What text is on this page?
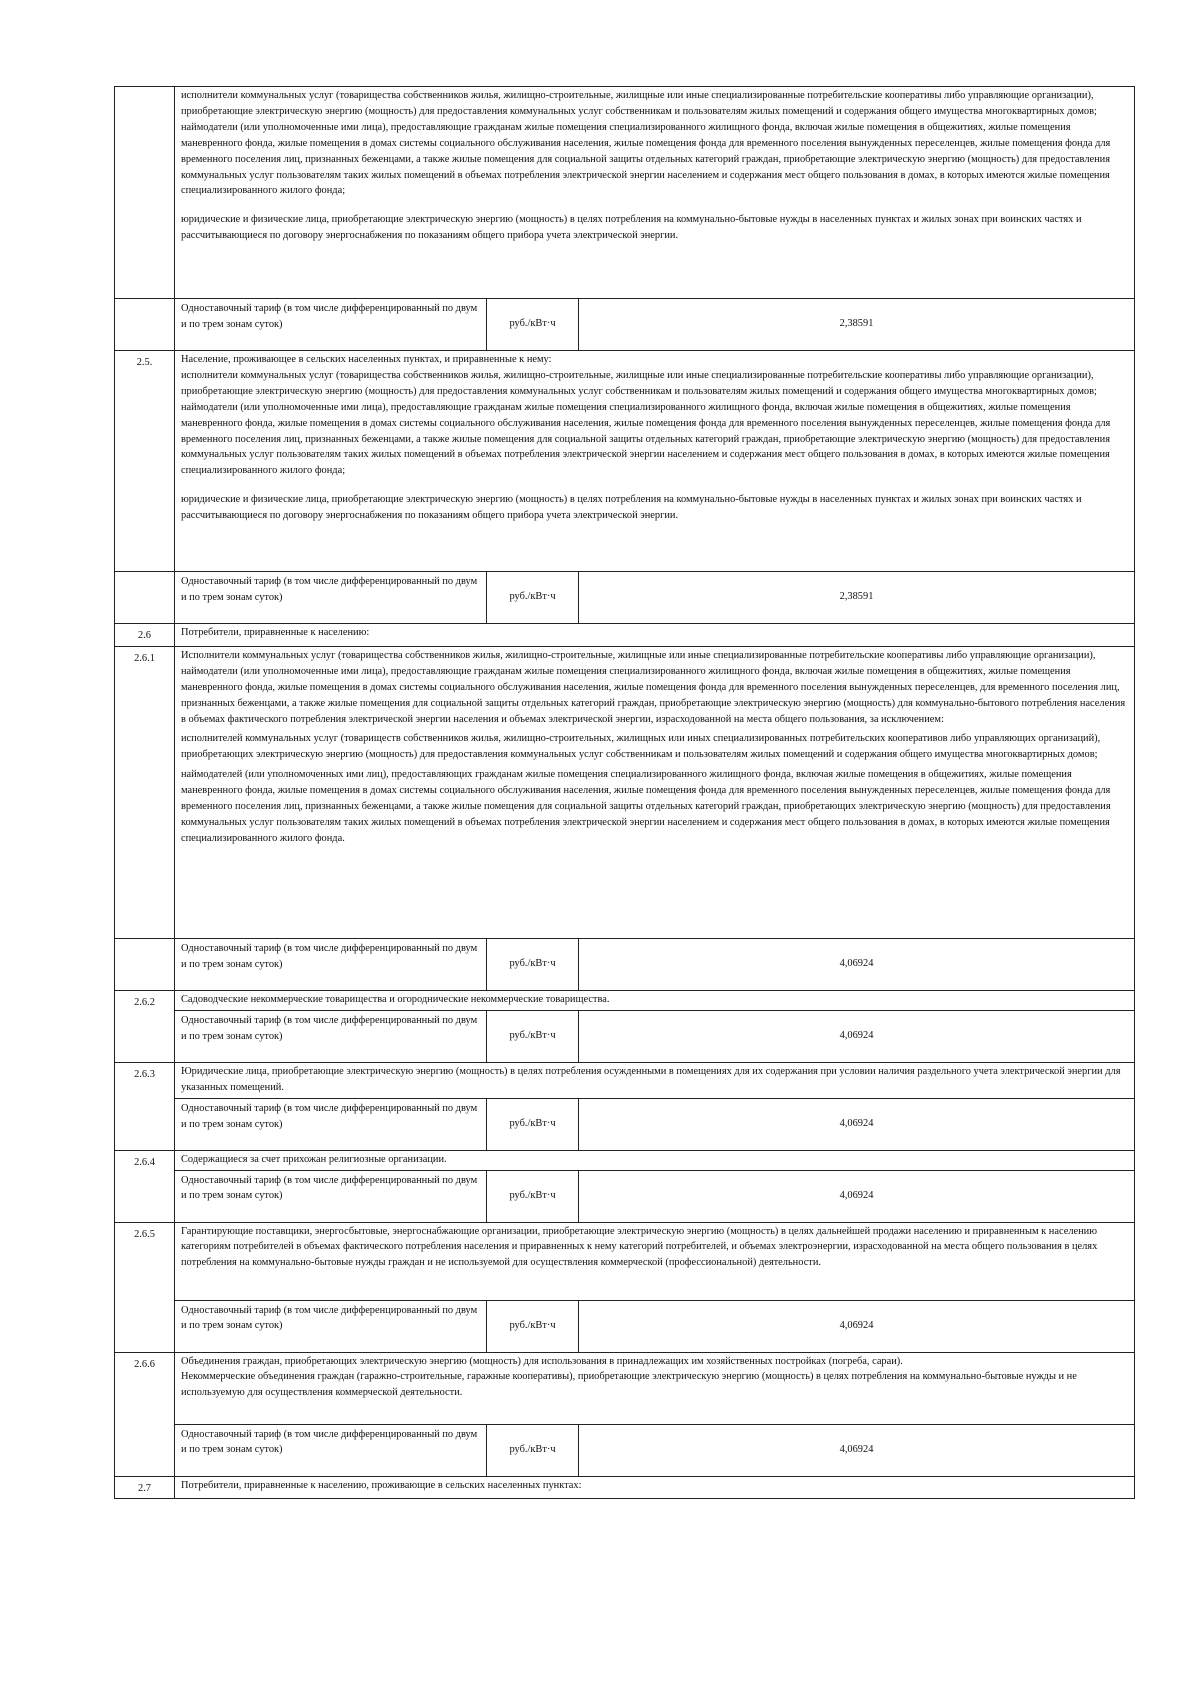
	исполнители коммунальных услуг (товарищества собственников жилья, жилищно-строительные, жилищные или иные специализированные потребительские кооперативы либо управляющие организации), приобретающие электрическую энергию (мощность) для предоставления коммунальных услуг собственникам и пользователям жилых помещений и содержания общего имущества многоквартирных домов;

наймодатели (или уполномоченные ими лица), предоставляющие гражданам жилые помещения специализированного жилищного фонда, включая жилые помещения в общежитиях, жилые помещения маневренного фонда, жилые помещения в домах системы социального обслуживания населения, жилые помещения фонда для временного поселения вынужденных переселенцев, жилые помещения фонда для временного поселения лиц, признанных беженцами, а также жилые помещения для социальной защиты отдельных категорий граждан, приобретающие электрическую энергию (мощность) для предоставления коммунальных услуг пользователям таких жилых помещений в объемах потребления электрической энергии населением и содержания мест общего пользования в домах, в которых имеются жилые помещения специализированного жилого фонда;

юридические и физические лица, приобретающие электрическую энергию (мощность) в целях потребления на коммунально-бытовые нужды в населенных пунктах и жилых зонах при воинских частях и рассчитывающиеся по договору энергоснабжения по показаниям общего прибора учета электрической энергии.		

	Одноставочный тариф (в том числе дифференцированный по двум и по трем зонам суток)	руб./кВт·ч	2,38591
2.5.	Население, проживающее в сельских населенных пунктах, и приравненные к нему:

исполнители коммунальных услуг (товарищества собственников жилья, жилищно-строительные, жилищные или иные специализированные потребительские кооперативы либо управляющие организации), приобретающие электрическую энергию (мощность) для предоставления коммунальных услуг собственникам и пользователям жилых помещений и содержания общего имущества многоквартирных домов;

наймодатели (или уполномоченные ими лица), предоставляющие гражданам жилые помещения специализированного жилищного фонда, включая жилые помещения в общежитиях, жилые помещения маневренного фонда, жилые помещения в домах системы социального обслуживания населения, жилые помещения фонда для временного поселения вынужденных переселенцев, жилые помещения фонда для временного поселения лиц, признанных беженцами, а также жилые помещения для социальной защиты отдельных категорий граждан, приобретающие электрическую энергию (мощность) для предоставления коммунальных услуг пользователям таких жилых помещений в объемах потребления электрической энергии населением и содержания мест общего пользования в домах, в которых имеются жилые помещения специализированного жилого фонда;

юридические и физические лица, приобретающие электрическую энергию (мощность) в целях потребления на коммунально-бытовые нужды в населенных пунктах и жилых зонах при воинских частях и рассчитывающиеся по договору энергоснабжения по показаниям общего прибора учета электрической энергии.		

	Одноставочный тариф (в том числе дифференцированный по двум и по трем зонам суток)	руб./кВт·ч	2,38591
2.6	Потребители, приравненные к населению:		
2.6.1	Исполнители коммунальных услуг (товарищества собственников жилья, жилищно-строительные, жилищные или иные специализированные потребительские кооперативы либо управляющие организации), наймодатели (или уполномоченные ими лица), предоставляющие гражданам жилые помещения специализированного жилищного фонда, включая жилые помещения в общежитиях, жилые помещения маневренного фонда, жилые помещения в домах системы социального обслуживания населения, жилые помещения фонда для временного поселения вынужденных переселенцев, для временного поселения лиц, признанных беженцами, а также жилые помещения для социальной защиты отдельных категорий граждан, приобретающие электрическую энергию (мощность) для коммунально-бытового потребления населения в объемах фактического потребления электрической энергии населения и объемах электрической энергии, израсходованной на места общего пользования, за исключением:

исполнителей коммунальных услуг (товариществ собственников жилья, жилищно-строительных, жилищных или иных специализированных потребительских кооперативов либо управляющих организаций), приобретающих электрическую энергию (мощность) для предоставления коммунальных услуг собственникам и пользователям жилых помещений и содержания общего имущества многоквартирных домов;

наймодателей (или уполномоченных ими лиц), предоставляющих гражданам жилые помещения специализированного жилищного фонда, включая жилые помещения в общежитиях, жилые помещения маневренного фонда, жилые помещения в домах системы социального обслуживания населения, жилые помещения фонда для временного поселения вынужденных переселенцев, жилые помещения фонда для временного поселения лиц, признанных беженцами, а также жилые помещения для социальной защиты отдельных категорий граждан, приобретающих электрическую энергию (мощность) для предоставления коммунальных услуг пользователям таких жилых помещений в объемах потребления электрической энергии населением и содержания мест общего пользования в домах, в которых имеются жилые помещения специализированного жилого фонда.		

	Одноставочный тариф (в том числе дифференцированный по двум и по трем зонам суток)	руб./кВт·ч	4,06924
2.6.2	Садоводческие некоммерческие товарищества и огороднические некоммерческие товарищества.		
	Одноставочный тариф (в том числе дифференцированный по двум и по трем зонам суток)	руб./кВт·ч	4,06924
2.6.3	Юридические лица, приобретающие электрическую энергию (мощность) в целях потребления осужденными в помещениях для их содержания при условии наличия раздельного учета электрической энергии для указанных помещений.		
	Одноставочный тариф (в том числе дифференцированный по двум и по трем зонам суток)	руб./кВт·ч	4,06924
2.6.4	Содержащиеся за счет прихожан религиозные организации.		
	Одноставочный тариф (в том числе дифференцированный по двум и по трем зонам суток)	руб./кВт·ч	4,06924
2.6.5	Гарантирующие поставщики, энергосбытовые, энергоснабжающие организации, приобретающие электрическую энергию (мощность) в целях дальнейшей продажи населению и приравненным к населению категориям потребителей в объемах фактического потребления населения и приравненных к нему категорий потребителей, и объемах электроэнергии, израсходованной на места общего пользования в целях потребления на коммунально-бытовые нужды граждан и не используемой для осуществления коммерческой (профессиональной) деятельности.		
	Одноставочный тариф (в том числе дифференцированный по двум и по трем зонам суток)	руб./кВт·ч	4,06924
2.6.6	Объединения граждан, приобретающих электрическую энергию (мощность) для использования в принадлежащих им хозяйственных постройках (погреба, сараи).

Некоммерческие объединения граждан (гаражно-строительные, гаражные кооперативы), приобретающие электрическую энергию (мощность) в целях потребления на коммунально-бытовые нужды и не используемую для осуществления коммерческой деятельности.		

	Одноставочный тариф (в том числе дифференцированный по двум и по трем зонам суток)	руб./кВт·ч	4,06924
2.7	Потребители, приравненные к населению, проживающие в сельских населенных пунктах:		
